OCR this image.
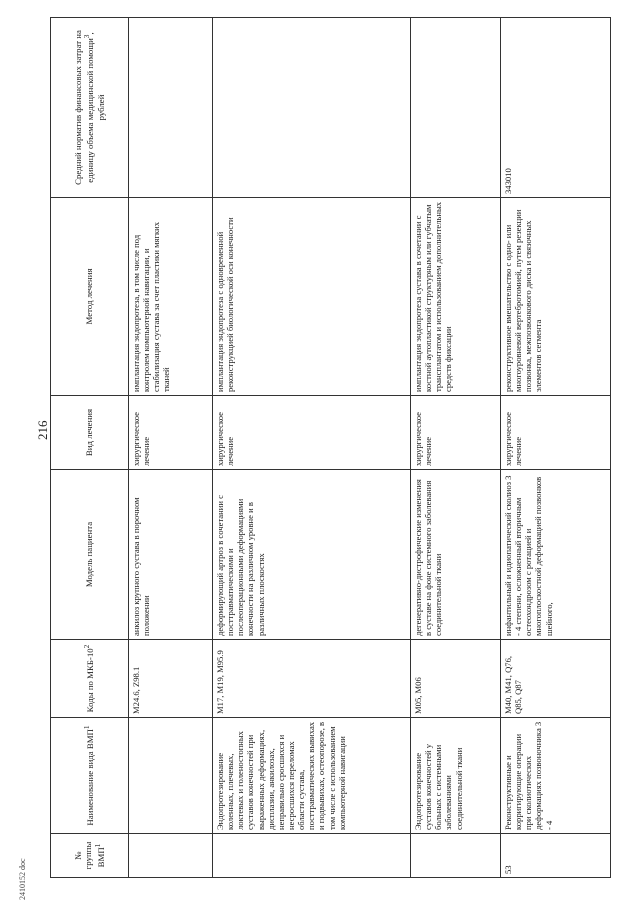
216
2410152 doc
№ группы ВМП$^1$	Наименование вида ВМП$^1$	Коды по МКБ-$10^2$	Модель пациента	Вид лечения	Метод лечения	Средний норматив финансовых затрат на единицу объема медицинской помощи$^3$, рублей
		M24.6, Z98.1	анкилоз крупного сустава в порочном положении	хирургическое лечение	имплантация эндопротеза, в том числе под контролем компьютерной навигации, и стабилизация сустава за счет пластики мягких тканей	
	Эндопротезирование коленных, плечевых, локтевых и голеностопных суставов конечностей при выраженных деформациях, дисплазии, анкилозах, неправильно сросшихся и несросшихся переломах области сустава, посттравматических вывихах и подвывихах, остеопорозе, в том числе с использованием компьютерной навигации	M17, M19, M95.9	деформирующий артроз в сочетании с посттравматическими и послеоперационными деформациями конечности на различном уровне и в различных плоскостях	хирургическое лечение	имплантация эндопротеза с одновременной реконструкцией биологической оси конечности	
	Эндопротезирование суставов конечностей у больных с системными заболеваниями соединительной ткани	M05, M06	дегенеративно-дистрофические изменения в суставе на фоне системного заболевания соединительной ткани	хирургическое лечение	имплантация эндопротеза сустава в сочетании с костной аутопластикой структурным или губчатым трансплантатом и использованием дополнительных средств фиксации	
53	Реконструктивные и корригирующие операции при сколиотических деформациях позвоночника 3 - 4	M40, M41, Q76, Q85, Q87	инфантильный и идиопатический сколиоз 3 - 4 степени, осложненный вторичным остеохондрозом с ротацией и многоплоскостной деформацией позвонков шейного,	хирургическое лечение	реконструктивное вмешательство с одно- или многоуровневой вертебротомией, путем резекции позвонка, межпозвонкового диска и связочных элементов сегмента	343010
